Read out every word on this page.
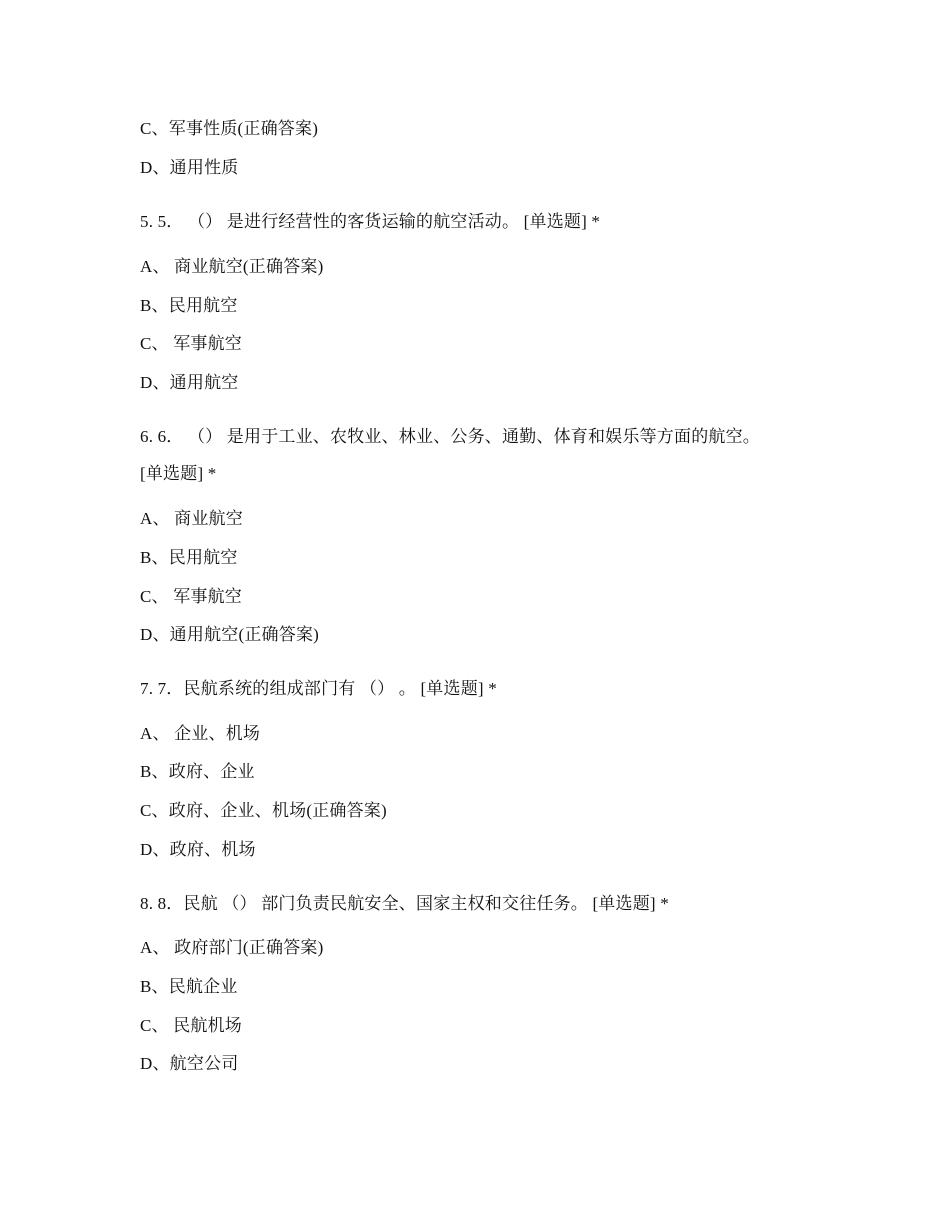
C、军事性质(正确答案)
D、通用性质
5. 5． （） 是进行经营性的客货运输的航空活动。 [单选题] *
A、 商业航空(正确答案)
B、民用航空
C、 军事航空
D、通用航空
6. 6． （） 是用于工业、农牧业、林业、公务、通勤、体育和娱乐等方面的航空。
[单选题] *
A、 商业航空
B、民用航空
C、 军事航空
D、通用航空(正确答案)
7. 7．民航系统的组成部门有 （） 。 [单选题] *
A、 企业、机场
B、政府、企业
C、政府、企业、机场(正确答案)
D、政府、机场
8. 8．民航 （） 部门负责民航安全、国家主权和交往任务。 [单选题] *
A、 政府部门(正确答案)
B、民航企业
C、 民航机场
D、航空公司
